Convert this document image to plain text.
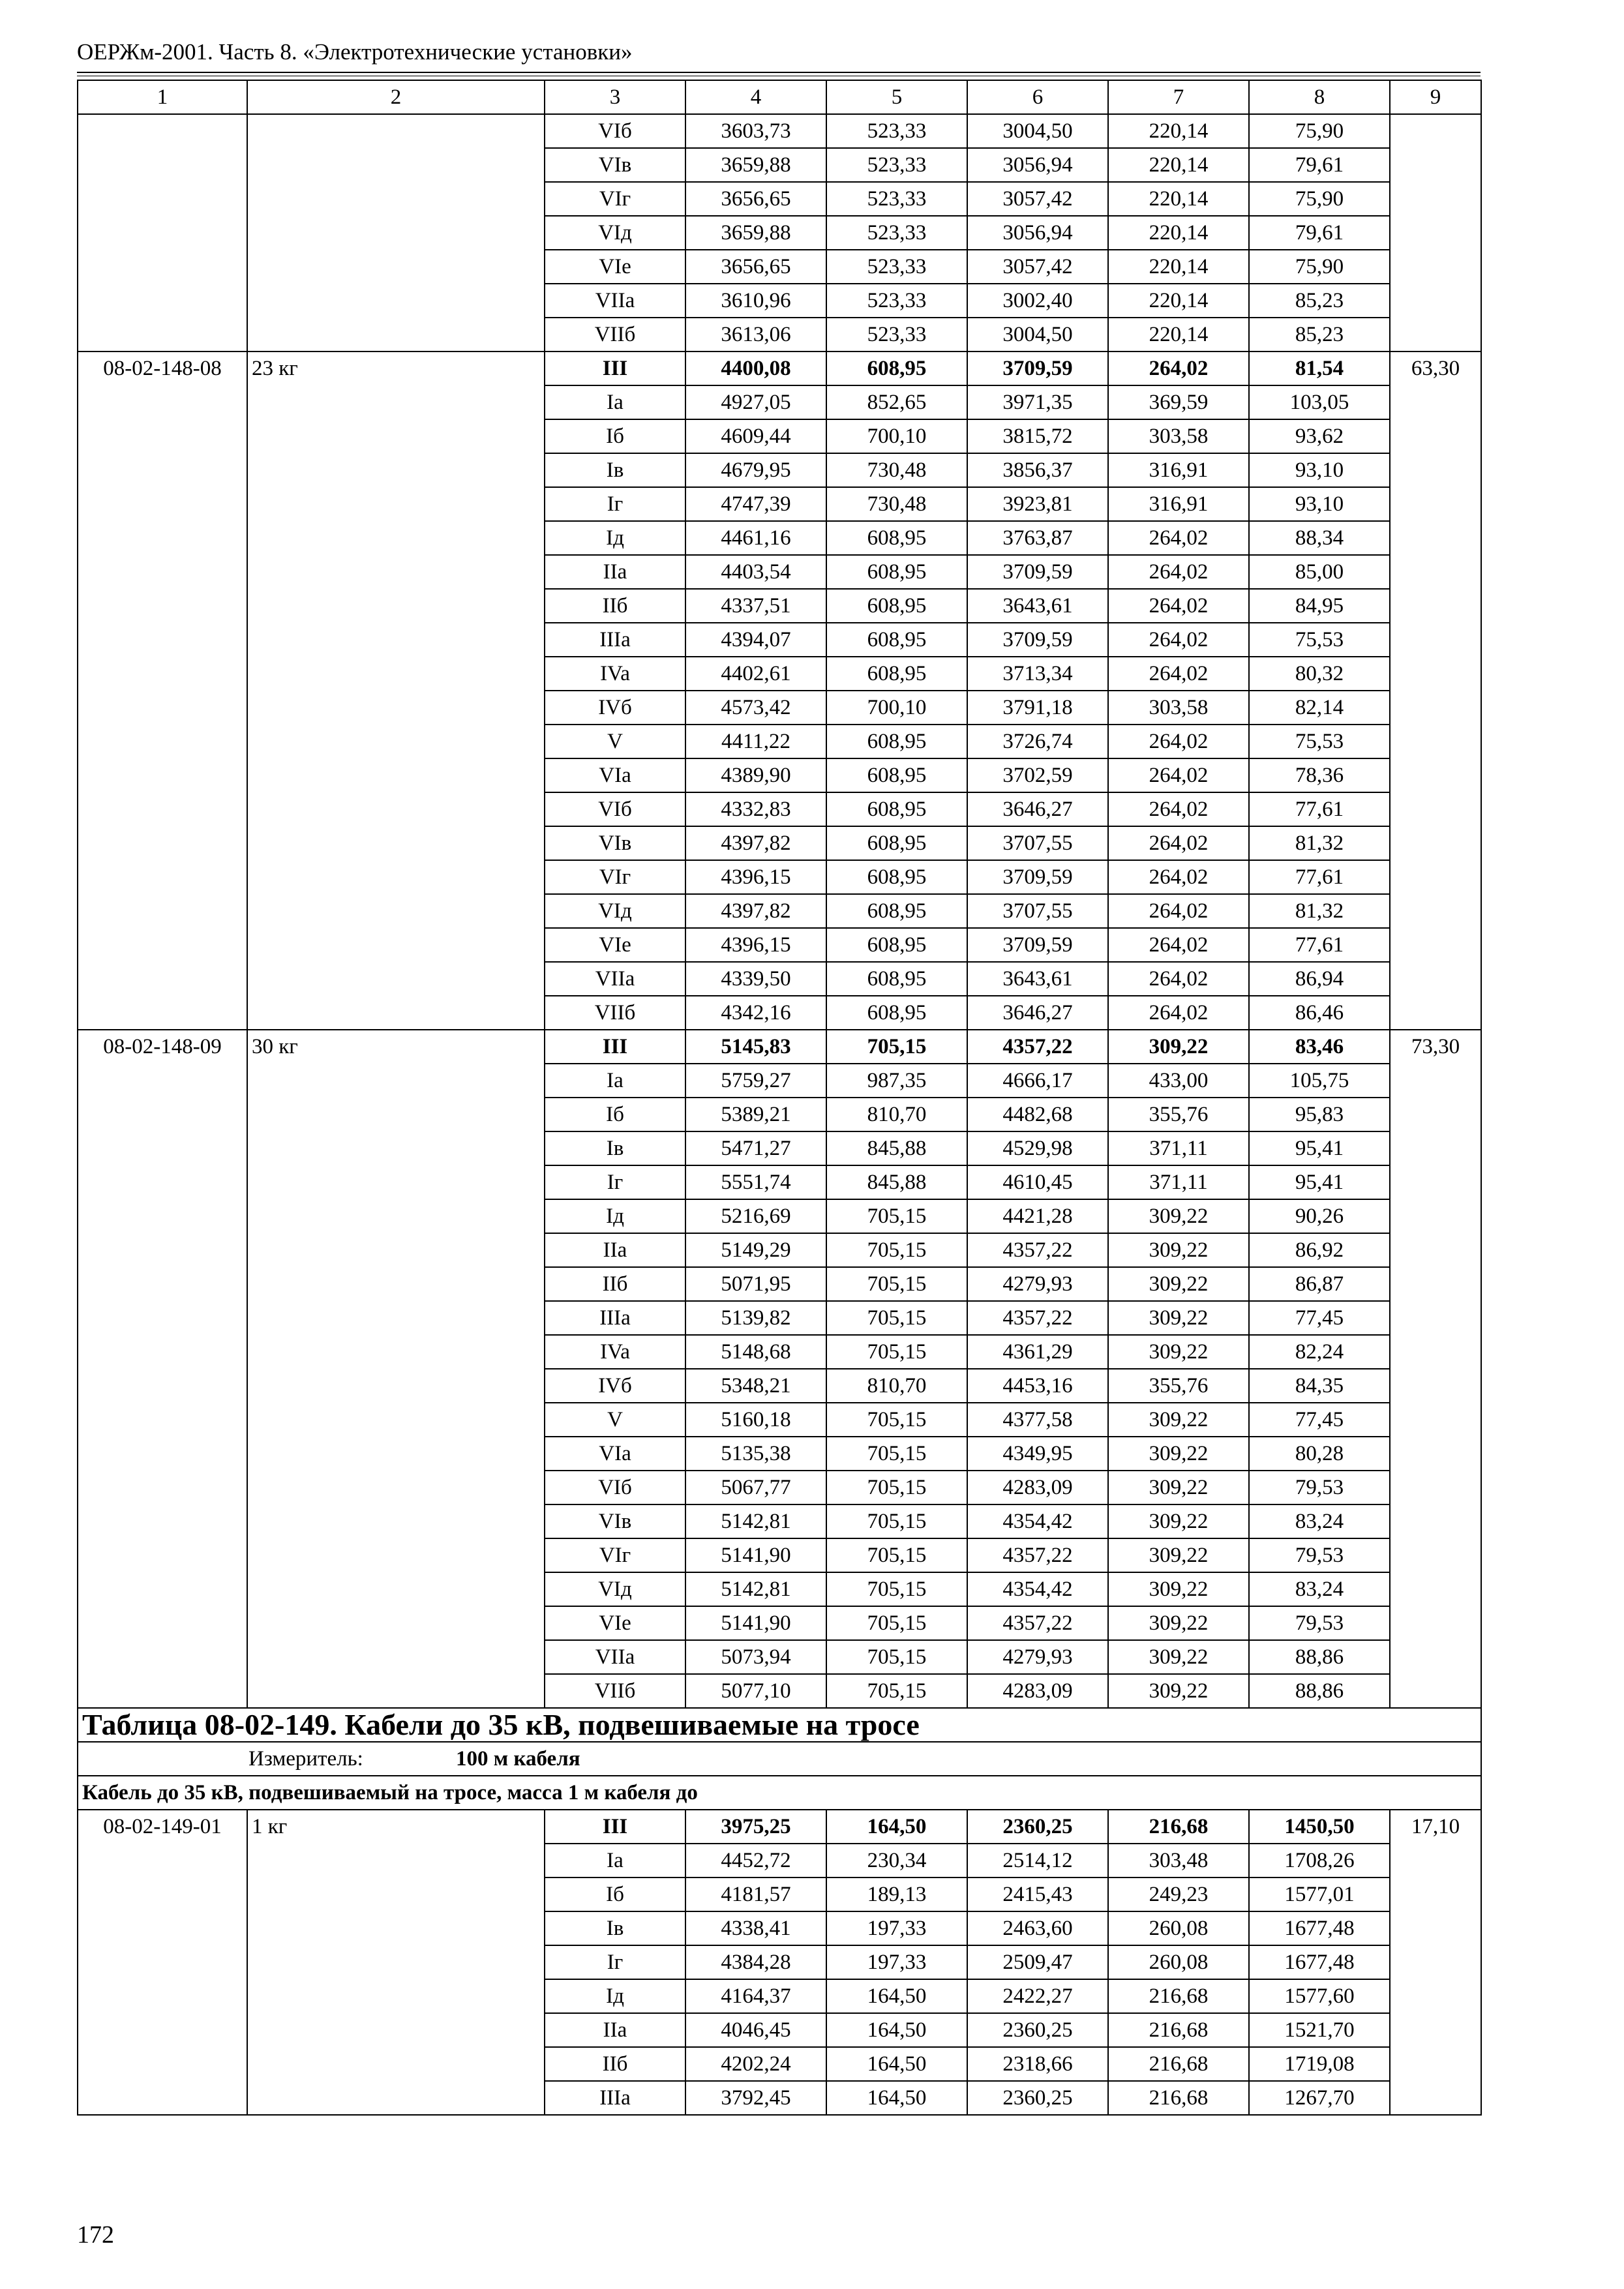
ОЕРЖм-2001. Часть 8. «Электротехнические установки»
1	2	3	4	5	6	7	8	9
		VIб	3603,73	523,33	3004,50	220,14	75,90	
		VIв	3659,88	523,33	3056,94	220,14	79,61	
		VIг	3656,65	523,33	3057,42	220,14	75,90	
		VIд	3659,88	523,33	3056,94	220,14	79,61	
		VIe	3656,65	523,33	3057,42	220,14	75,90	
		VIIa	3610,96	523,33	3002,40	220,14	85,23	
		VIIб	3613,06	523,33	3004,50	220,14	85,23	
08-02-148-08	23 кг	III	4400,08	608,95	3709,59	264,02	81,54	63,30
		Ia	4927,05	852,65	3971,35	369,59	103,05	
		Iб	4609,44	700,10	3815,72	303,58	93,62	
		Iв	4679,95	730,48	3856,37	316,91	93,10	
		Iг	4747,39	730,48	3923,81	316,91	93,10	
		Iд	4461,16	608,95	3763,87	264,02	88,34	
		IIa	4403,54	608,95	3709,59	264,02	85,00	
		IIб	4337,51	608,95	3643,61	264,02	84,95	
		IIIa	4394,07	608,95	3709,59	264,02	75,53	
		IVa	4402,61	608,95	3713,34	264,02	80,32	
		IVб	4573,42	700,10	3791,18	303,58	82,14	
		V	4411,22	608,95	3726,74	264,02	75,53	
		VIa	4389,90	608,95	3702,59	264,02	78,36	
		VIб	4332,83	608,95	3646,27	264,02	77,61	
		VIв	4397,82	608,95	3707,55	264,02	81,32	
		VIг	4396,15	608,95	3709,59	264,02	77,61	
		VIд	4397,82	608,95	3707,55	264,02	81,32	
		VIe	4396,15	608,95	3709,59	264,02	77,61	
		VIIa	4339,50	608,95	3643,61	264,02	86,94	
		VIIб	4342,16	608,95	3646,27	264,02	86,46	
08-02-148-09	30 кг	III	5145,83	705,15	4357,22	309,22	83,46	73,30
		Ia	5759,27	987,35	4666,17	433,00	105,75	
		Iб	5389,21	810,70	4482,68	355,76	95,83	
		Iв	5471,27	845,88	4529,98	371,11	95,41	
		Iг	5551,74	845,88	4610,45	371,11	95,41	
		Iд	5216,69	705,15	4421,28	309,22	90,26	
		IIa	5149,29	705,15	4357,22	309,22	86,92	
		IIб	5071,95	705,15	4279,93	309,22	86,87	
		IIIa	5139,82	705,15	4357,22	309,22	77,45	
		IVa	5148,68	705,15	4361,29	309,22	82,24	
		IVб	5348,21	810,70	4453,16	355,76	84,35	
		V	5160,18	705,15	4377,58	309,22	77,45	
		VIa	5135,38	705,15	4349,95	309,22	80,28	
		VIб	5067,77	705,15	4283,09	309,22	79,53	
		VIв	5142,81	705,15	4354,42	309,22	83,24	
		VIг	5141,90	705,15	4357,22	309,22	79,53	
		VIд	5142,81	705,15	4354,42	309,22	83,24	
		VIe	5141,90	705,15	4357,22	309,22	79,53	
		VIIa	5073,94	705,15	4279,93	309,22	88,86	
		VIIб	5077,10	705,15	4283,09	309,22	88,86	
Таблица 08-02-149. Кабели до 35 кВ, подвешиваемые на тросе								
Измеритель: 100 м кабеля								
Кабель до 35 кВ, подвешиваемый на тросе, масса 1 м кабеля до								
08-02-149-01	1 кг	III	3975,25	164,50	2360,25	216,68	1450,50	17,10
		Ia	4452,72	230,34	2514,12	303,48	1708,26	
		Iб	4181,57	189,13	2415,43	249,23	1577,01	
		Iв	4338,41	197,33	2463,60	260,08	1677,48	
		Iг	4384,28	197,33	2509,47	260,08	1677,48	
		Iд	4164,37	164,50	2422,27	216,68	1577,60	
		IIa	4046,45	164,50	2360,25	216,68	1521,70	
		IIб	4202,24	164,50	2318,66	216,68	1719,08	
		IIIa	3792,45	164,50	2360,25	216,68	1267,70	
172
